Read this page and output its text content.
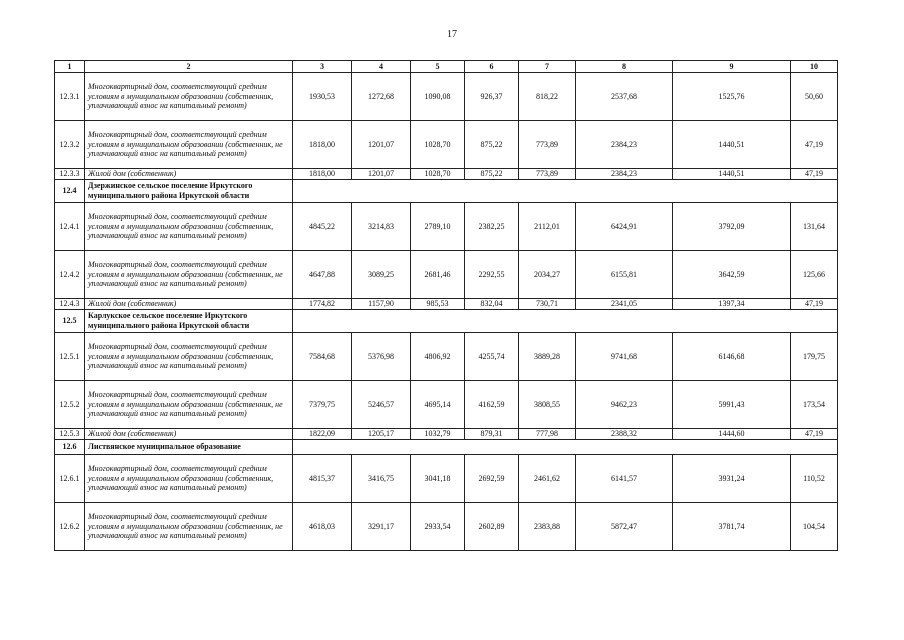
17
1	2	3	4	5	6	7	8	9	10
12.3.1	Многоквартирный дом, соответствующий средним условиям в муниципальном образовании (собственник, уплачивающий взнос на капитальный ремонт)	1930,53	1272,68	1090,08	926,37	818,22	2537,68	1525,76	50,60
12.3.2	Многоквартирный дом, соответствующий средним условиям в муниципальном образовании (собственник, не уплачивающий взнос на капитальный ремонт)	1818,00	1201,07	1028,70	875,22	773,89	2384,23	1440,51	47,19
12.3.3	Жилой дом (собственник)	1818,00	1201,07	1028,70	875,22	773,89	2384,23	1440,51	47,19
12.4	Дзержинское сельское поселение Иркутского муниципального района Иркутской области								
12.4.1	Многоквартирный дом, соответствующий средним условиям в муниципальном образовании (собственник, уплачивающий взнос на капитальный ремонт)	4845,22	3214,83	2789,10	2382,25	2112,01	6424,91	3792,09	131,64
12.4.2	Многоквартирный дом, соответствующий средним условиям в муниципальном образовании (собственник, не уплачивающий взнос на капитальный ремонт)	4647,88	3089,25	2681,46	2292,55	2034,27	6155,81	3642,59	125,66
12.4.3	Жилой дом (собственник)	1774,82	1157,90	985,53	832,04	730,71	2341,05	1397,34	47,19
12.5	Карлукское сельское поселение Иркутского муниципального района Иркутской области								
12.5.1	Многоквартирный дом, соответствующий средним условиям в муниципальном образовании (собственник, уплачивающий взнос на капитальный ремонт)	7584,68	5376,98	4806,92	4255,74	3889,28	9741,68	6146,68	179,75
12.5.2	Многоквартирный дом, соответствующий средним условиям в муниципальном образовании (собственник, не уплачивающий взнос на капитальный ремонт)	7379,75	5246,57	4695,14	4162,59	3808,55	9462,23	5991,43	173,54
12.5.3	Жилой дом (собственник)	1822,09	1205,17	1032,79	879,31	777,98	2388,32	1444,60	47,19
12.6	Листвянское муниципальное образование								
12.6.1	Многоквартирный дом, соответствующий средним условиям в муниципальном образовании (собственник, уплачивающий взнос на капитальный ремонт)	4815,37	3416,75	3041,18	2692,59	2461,62	6141,57	3931,24	110,52
12.6.2	Многоквартирный дом, соответствующий средним условиям в муниципальном образовании (собственник, не уплачивающий взнос на капитальный ремонт)	4618,03	3291,17	2933,54	2602,89	2383,88	5872,47	3781,74	104,54
